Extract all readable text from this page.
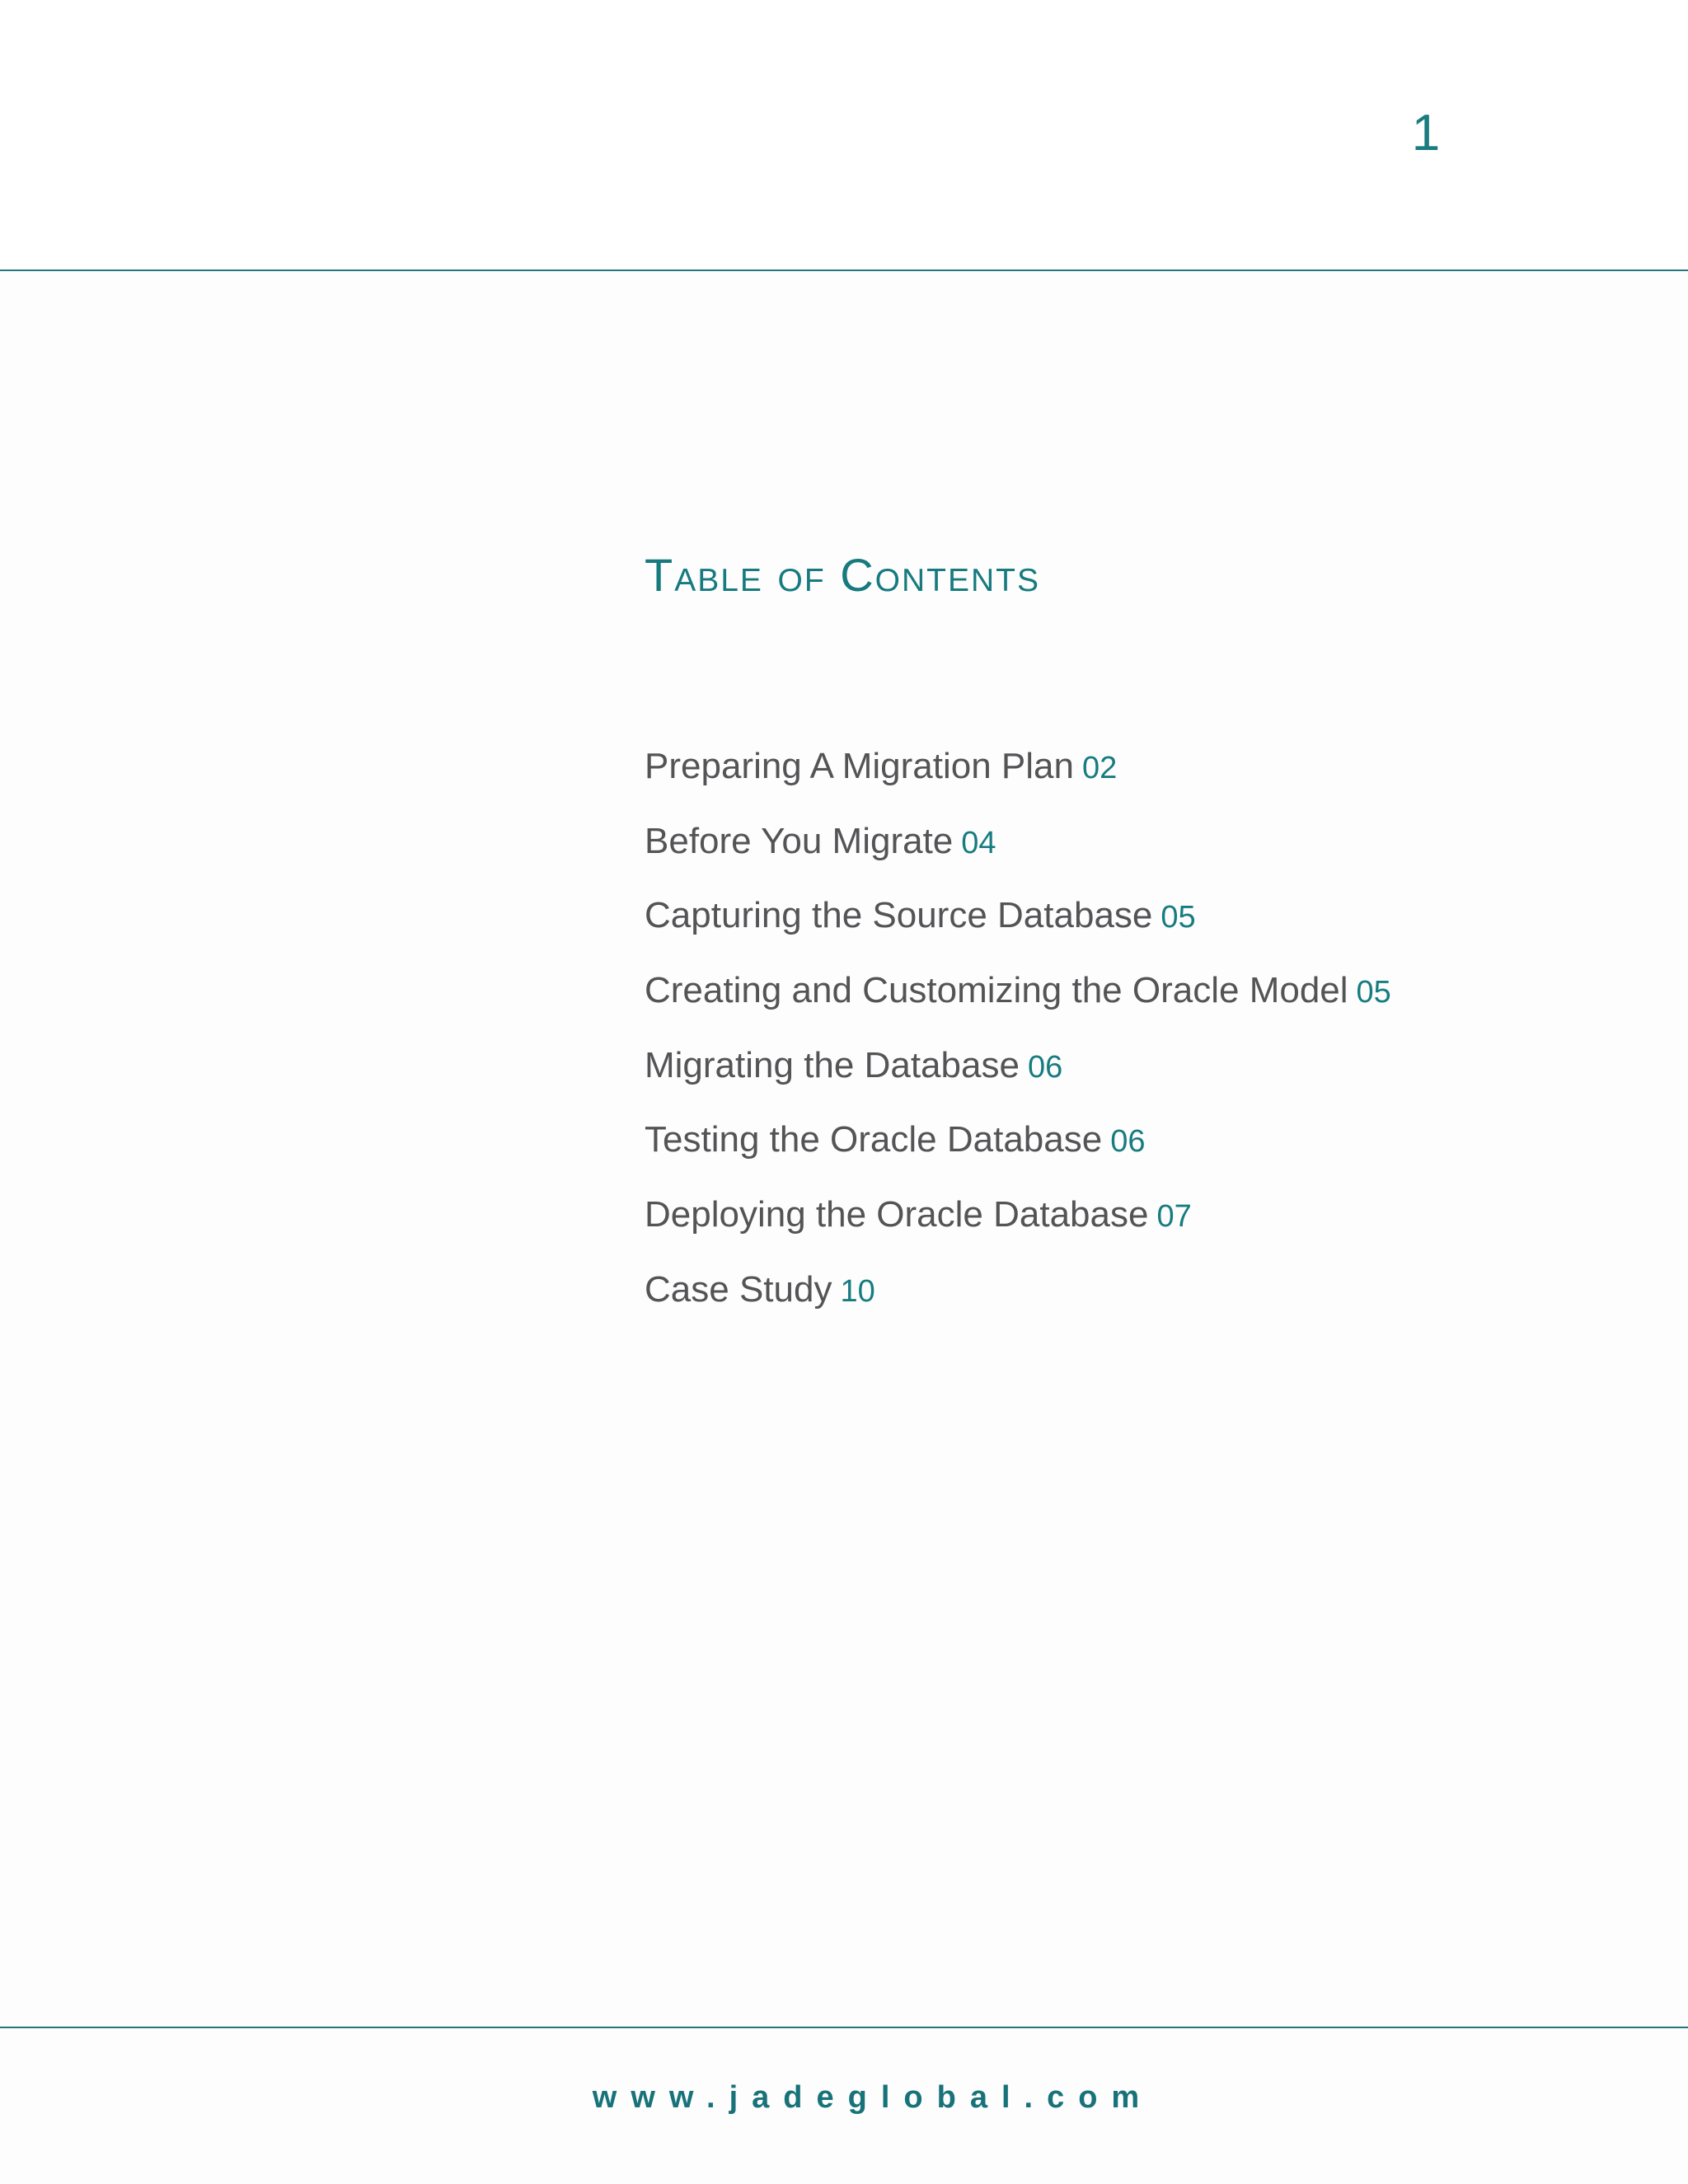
1
Table of Contents
Preparing A Migration Plan 02
Before You Migrate 04
Capturing the Source Database 05
Creating and Customizing the Oracle Model 05
Migrating the Database 06
Testing the Oracle Database 06
Deploying the Oracle Database 07
Case Study 10

www.jadeglobal.com
